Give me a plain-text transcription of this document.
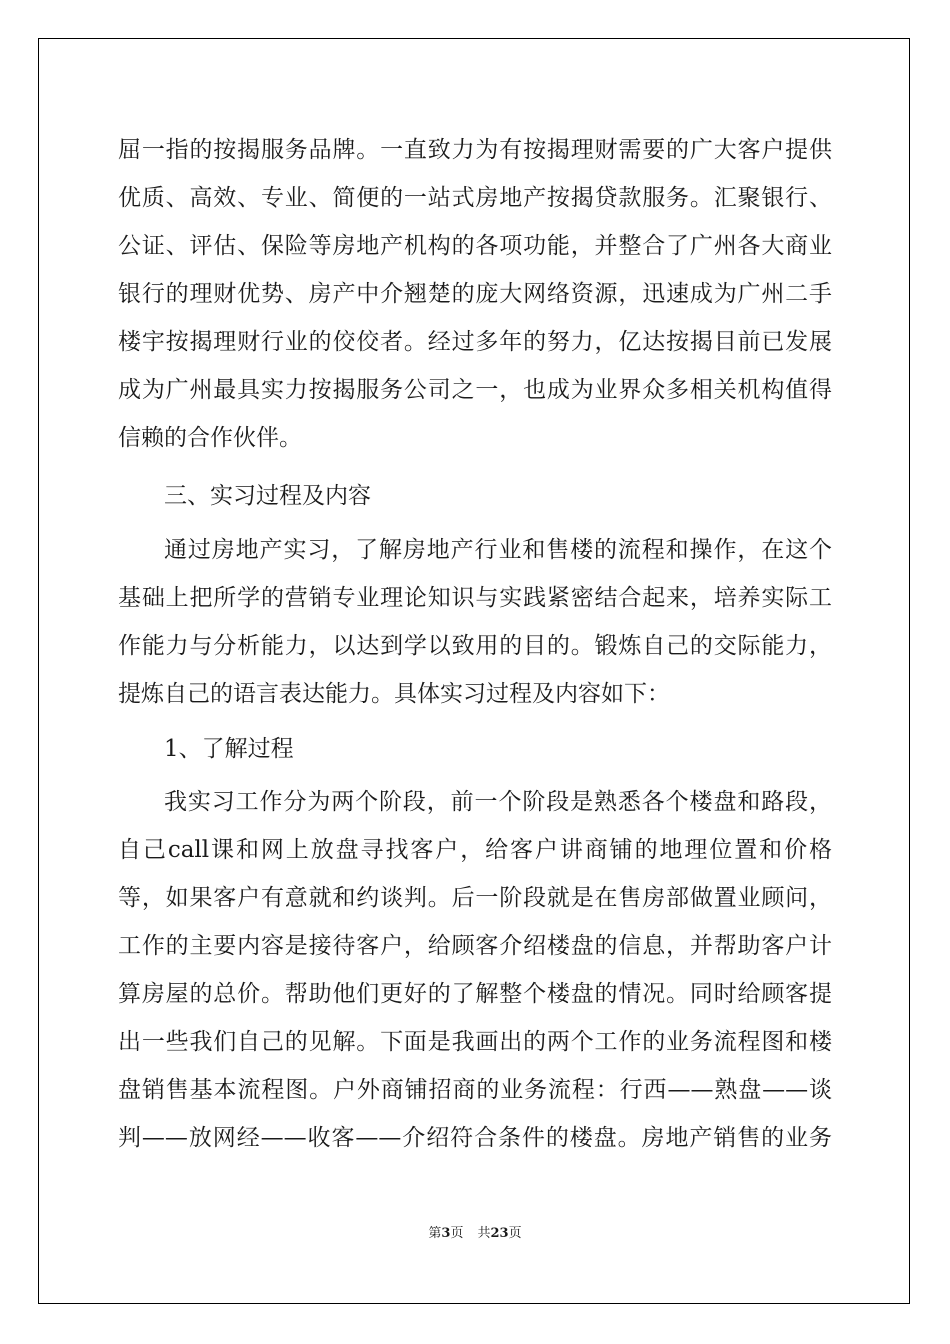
屈一指的按揭服务品牌。一直致力为有按揭理财需要的广大客户提供
优质、高效、专业、简便的一站式房地产按揭贷款服务。汇聚银行、
公证、评估、保险等房地产机构的各项功能，并整合了广州各大商业
银行的理财优势、房产中介翘楚的庞大网络资源，迅速成为广州二手
楼宇按揭理财行业的佼佼者。经过多年的努力，亿达按揭目前已发展
成为广州最具实力按揭服务公司之一，也成为业界众多相关机构值得
信赖的合作伙伴。
三、实习过程及内容
通过房地产实习，了解房地产行业和售楼的流程和操作，在这个
基础上把所学的营销专业理论知识与实践紧密结合起来，培养实际工
作能力与分析能力，以达到学以致用的目的。锻炼自己的交际能力，
提炼自己的语言表达能力。具体实习过程及内容如下：
1、了解过程
我实习工作分为两个阶段，前一个阶段是熟悉各个楼盘和路段，
自己call课和网上放盘寻找客户，给客户讲商铺的地理位置和价格
等，如果客户有意就和约谈判。后一阶段就是在售房部做置业顾问，
工作的主要内容是接待客户，给顾客介绍楼盘的信息，并帮助客户计
算房屋的总价。帮助他们更好的了解整个楼盘的情况。同时给顾客提
出一些我们自己的见解。下面是我画出的两个工作的业务流程图和楼
盘销售基本流程图。户外商铺招商的业务流程：行西——熟盘——谈
判——放网经——收客——介绍符合条件的楼盘。房地产销售的业务
第3页 共23页
